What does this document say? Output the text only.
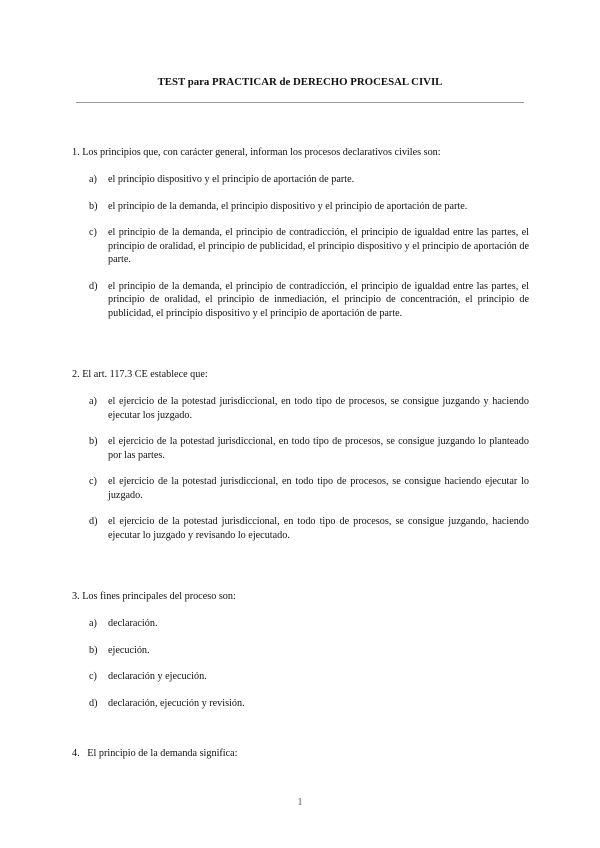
TEST para PRACTICAR de DERECHO PROCESAL CIVIL

1. Los principios que, con carácter general, informan los procesos declarativos civiles son:

a)	el principio dispositivo y el principio de aportación de parte.
b)	el principio de la demanda, el principio dispositivo y el principio de aportación de parte.
c)	el principio de la demanda, el principio de contradicción, el principio de igualdad entre las partes, el principio de oralidad, el principio de publicidad, el principio dispositivo y el principio de aportación de parte.
d)	el principio de la demanda, el principio de contradicción, el principio de igualdad entre las partes, el principio de oralidad, el principio de inmediación, el principio de concentración, el principio de publicidad, el principio dispositivo y el principio de aportación de parte.

2. El art. 117.3 CE establece que:

a)	el ejercicio de la potestad jurisdiccional, en todo tipo de procesos, se consigue juzgando y haciendo ejecutar los juzgado.
b)	el ejercicio de la potestad jurisdiccional, en todo tipo de procesos, se consigue juzgando lo planteado por las partes.
c)	el ejercicio de la potestad jurisdiccional, en todo tipo de procesos, se consigue haciendo ejecutar lo juzgado.
d)	el ejercicio de la potestad jurisdiccional, en todo tipo de procesos, se consigue juzgando, haciendo ejecutar lo juzgado y revisando lo ejecutado.

3. Los fines principales del proceso son:

a)	declaración.
b)	ejecución.
c)	declaración y ejecución.
d)	declaración, ejecución y revisión.

4.   El principio de la demanda significa:

1
